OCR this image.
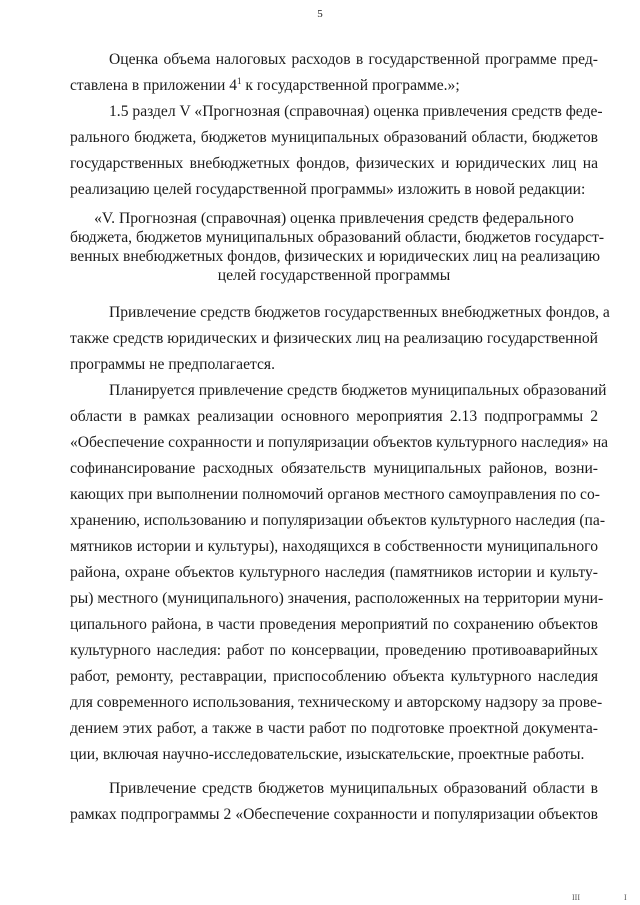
5
Оценка объема налоговых расходов в государственной программе пред-
ставлена в приложении $4^1$ к государственной программе.»;
1.5 раздел V «Прогнозная (справочная) оценка привлечения средств феде-
рального бюджета, бюджетов муниципальных образований области, бюджетов
государственных внебюджетных фондов, физических и юридических лиц на
реализацию целей государственной программы» изложить в новой редакции:
«V. Прогнозная (справочная) оценка привлечения средств федерального
бюджета, бюджетов муниципальных образований области, бюджетов государст-
венных внебюджетных фондов, физических и юридических лиц на реализацию
целей государственной программы
Привлечение средств бюджетов государственных внебюджетных фондов, а
также средств юридических и физических лиц на реализацию государственной
программы не предполагается.
Планируется привлечение средств бюджетов муниципальных образований
области в рамках реализации основного мероприятия 2.13 подпрограммы 2
«Обеспечение сохранности и популяризации объектов культурного наследия» на
софинансирование расходных обязательств муниципальных районов, возни-
кающих при выполнении полномочий органов местного самоуправления по со-
хранению, использованию и популяризации объектов культурного наследия (па-
мятников истории и культуры), находящихся в собственности муниципального
района, охране объектов культурного наследия (памятников истории и культу-
ры) местного (муниципального) значения, расположенных на территории муни-
ципального района, в части проведения мероприятий по сохранению объектов
культурного наследия: работ по консервации, проведению противоаварийных
работ, ремонту, реставрации, приспособлению объекта культурного наследия
для современного использования, техническому и авторскому надзору за прове-
дением этих работ, а также в части работ по подготовке проектной документа-
ции, включая научно-исследовательские, изыскательские, проектные работы.
Привлечение средств бюджетов муниципальных образований области в
рамках подпрограммы 2 «Обеспечение сохранности и популяризации объектов
III	I
